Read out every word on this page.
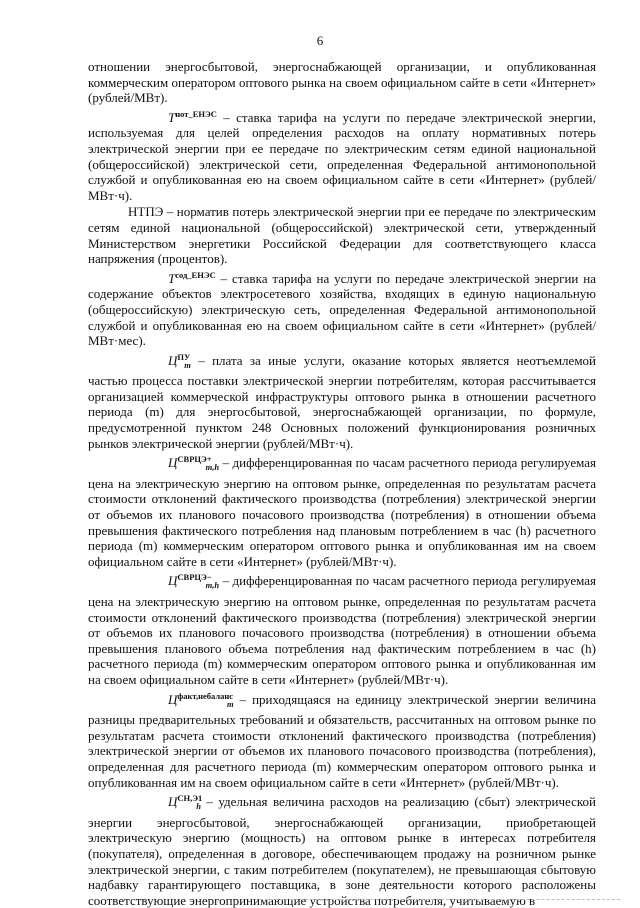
6

отношении энергосбытовой, энергоснабжающей организации, и опубликованная коммерческим оператором оптового рынка на своем официальном сайте в сети «Интернет» (рублей/МВт).

$T^{нот\_ЕНЭС}$ – ставка тарифа на услуги по передаче электрической энергии, используемая для целей определения расходов на оплату нормативных потерь электрической энергии при ее передаче по электрическим сетям единой национальной (общероссийской) электрической сети, определенная Федеральной антимонопольной службой и опубликованная ею на своем официальном сайте в сети «Интернет» (рублей/МВт·ч).

НТПЭ – норматив потерь электрической энергии при ее передаче по электрическим сетям единой национальной (общероссийской) электрической сети, утвержденный Министерством энергетики Российской Федерации для соответствующего класса напряжения (процентов).

$T^{сод\_ЕНЭС}$ – ставка тарифа на услуги по передаче электрической энергии на содержание объектов электросетевого хозяйства, входящих в единую национальную (общероссийскую) электрическую сеть, определенная Федеральной антимонопольной службой и опубликованная ею на своем официальном сайте в сети «Интернет» (рублей/МВт·мес).

$Ц^{ПУ}_m$ – плата за иные услуги, оказание которых является неотъемлемой частью процесса поставки электрической энергии потребителям, которая рассчитывается организацией коммерческой инфраструктуры оптового рынка в отношении расчетного периода (m) для энергосбытовой, энергоснабжающей организации, по формуле, предусмотренной пунктом 248 Основных положений функционирования розничных рынков электрической энергии (рублей/МВт·ч).

$Ц^{СВРЦЭ+}_{m,h}$ – дифференцированная по часам расчетного периода регулируемая цена на электрическую энергию на оптовом рынке, определенная по результатам расчета стоимости отклонений фактического производства (потребления) электрической энергии от объемов их планового почасового производства (потребления) в отношении объема превышения фактического потребления над плановым потреблением в час (h) расчетного периода (m) коммерческим оператором оптового рынка и опубликованная им на своем официальном сайте в сети «Интернет» (рублей/МВт·ч).

$Ц^{СВРЦЭ-}_{m,h}$ – дифференцированная по часам расчетного периода регулируемая цена на электрическую энергию на оптовом рынке, определенная по результатам расчета стоимости отклонений фактического производства (потребления) электрической энергии от объемов их планового почасового производства (потребления) в отношении объема превышения планового объема потребления над фактическим потреблением в час (h) расчетного периода (m) коммерческим оператором оптового рынка и опубликованная им на своем официальном сайте в сети «Интернет» (рублей/МВт·ч).

$Ц^{факт,небаланс}_m$ – приходящаяся на единицу электрической энергии величина разницы предварительных требований и обязательств, рассчитанных на оптовом рынке по результатам расчета стоимости отклонений фактического производства (потребления) электрической энергии от объемов их планового почасового производства (потребления), определенная для расчетного периода (m) коммерческим оператором оптового рынка и опубликованная им на своем официальном сайте в сети «Интернет» (рублей/МВт·ч).

$Ц^{СН,Э1}_h$ – удельная величина расходов на реализацию (сбыт) электрической энергии энергосбытовой, энергоснабжающей организации, приобретающей электрическую энергию (мощность) на оптовом рынке в интересах потребителя (покупателя), определенная в договоре, обеспечивающем продажу на розничном рынке электрической энергии, с таким потребителем (покупателем), не превышающая сбытовую надбавку гарантирующего поставщика, в зоне деятельности которого расположены соответствующие энергопринимающие устройства потребителя, учитываемую в
